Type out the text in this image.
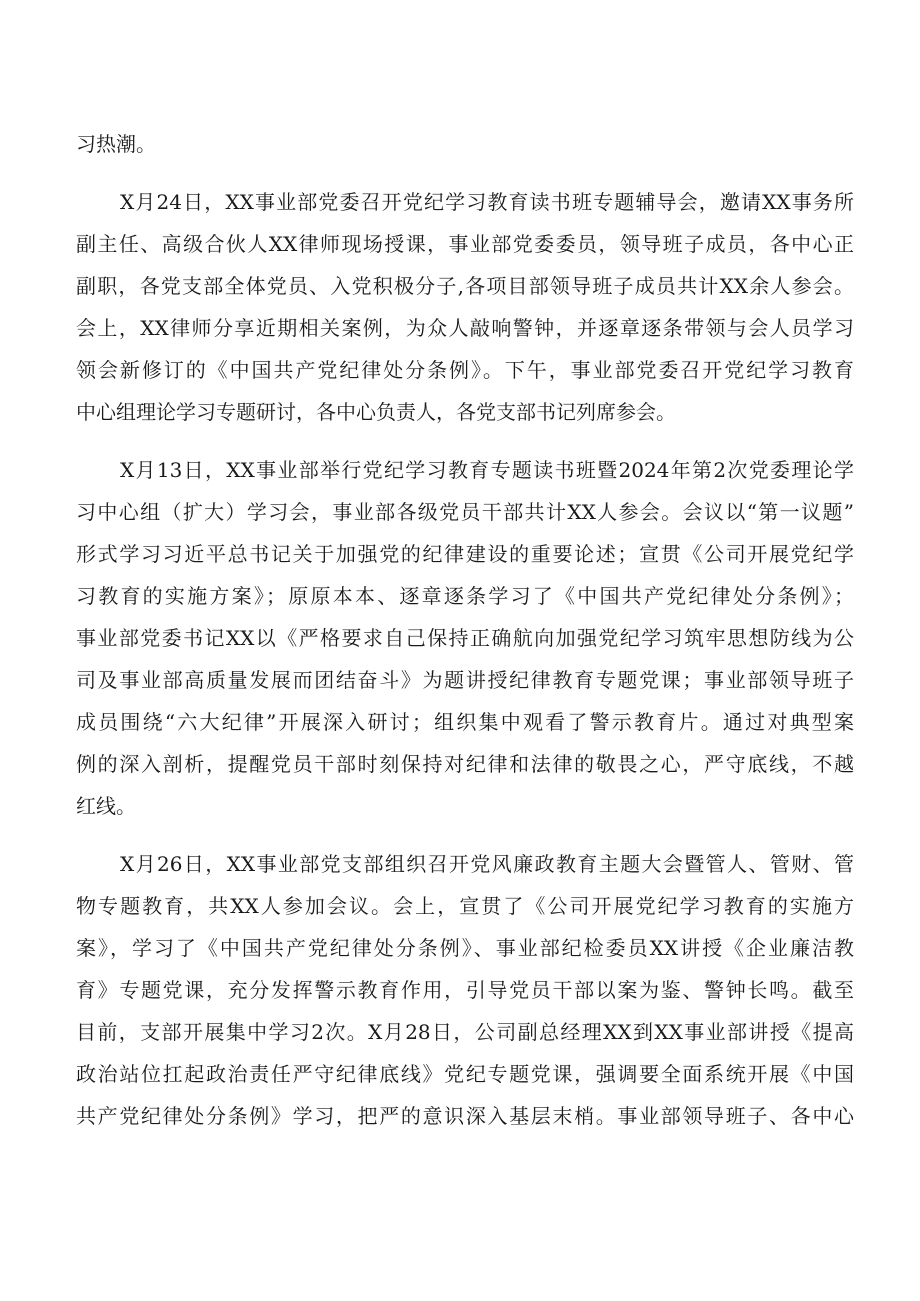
习热潮。

X月24日，XX事业部党委召开党纪学习教育读书班专题辅导会，邀请XX事务所

副主任、高级合伙人XX律师现场授课，事业部党委委员，领导班子成员，各中心正

副职，各党支部全体党员、入党积极分子,各项目部领导班子成员共计XX余人参会。

会上，XX律师分享近期相关案例，为众人敲响警钟，并逐章逐条带领与会人员学习

领会新修订的《中国共产党纪律处分条例》。下午，事业部党委召开党纪学习教育

中心组理论学习专题研讨，各中心负责人，各党支部书记列席参会。

X月13日，XX事业部举行党纪学习教育专题读书班暨2024年第2次党委理论学

习中心组（扩大）学习会，事业部各级党员干部共计XX人参会。会议以“第一议题”

形式学习习近平总书记关于加强党的纪律建设的重要论述；宣贯《公司开展党纪学

习教育的实施方案》；原原本本、逐章逐条学习了《中国共产党纪律处分条例》；

事业部党委书记XX以《严格要求自己保持正确航向加强党纪学习筑牢思想防线为公

司及事业部高质量发展而团结奋斗》为题讲授纪律教育专题党课；事业部领导班子

成员围绕“六大纪律”开展深入研讨；组织集中观看了警示教育片。通过对典型案

例的深入剖析，提醒党员干部时刻保持对纪律和法律的敬畏之心，严守底线，不越

红线。

X月26日，XX事业部党支部组织召开党风廉政教育主题大会暨管人、管财、管

物专题教育，共XX人参加会议。会上，宣贯了《公司开展党纪学习教育的实施方

案》，学习了《中国共产党纪律处分条例》、事业部纪检委员XX讲授《企业廉洁教

育》专题党课，充分发挥警示教育作用，引导党员干部以案为鉴、警钟长鸣。截至

目前，支部开展集中学习2次。X月28日，公司副总经理XX到XX事业部讲授《提高

政治站位扛起政治责任严守纪律底线》党纪专题党课，强调要全面系统开展《中国

共产党纪律处分条例》学习，把严的意识深入基层末梢。事业部领导班子、各中心
